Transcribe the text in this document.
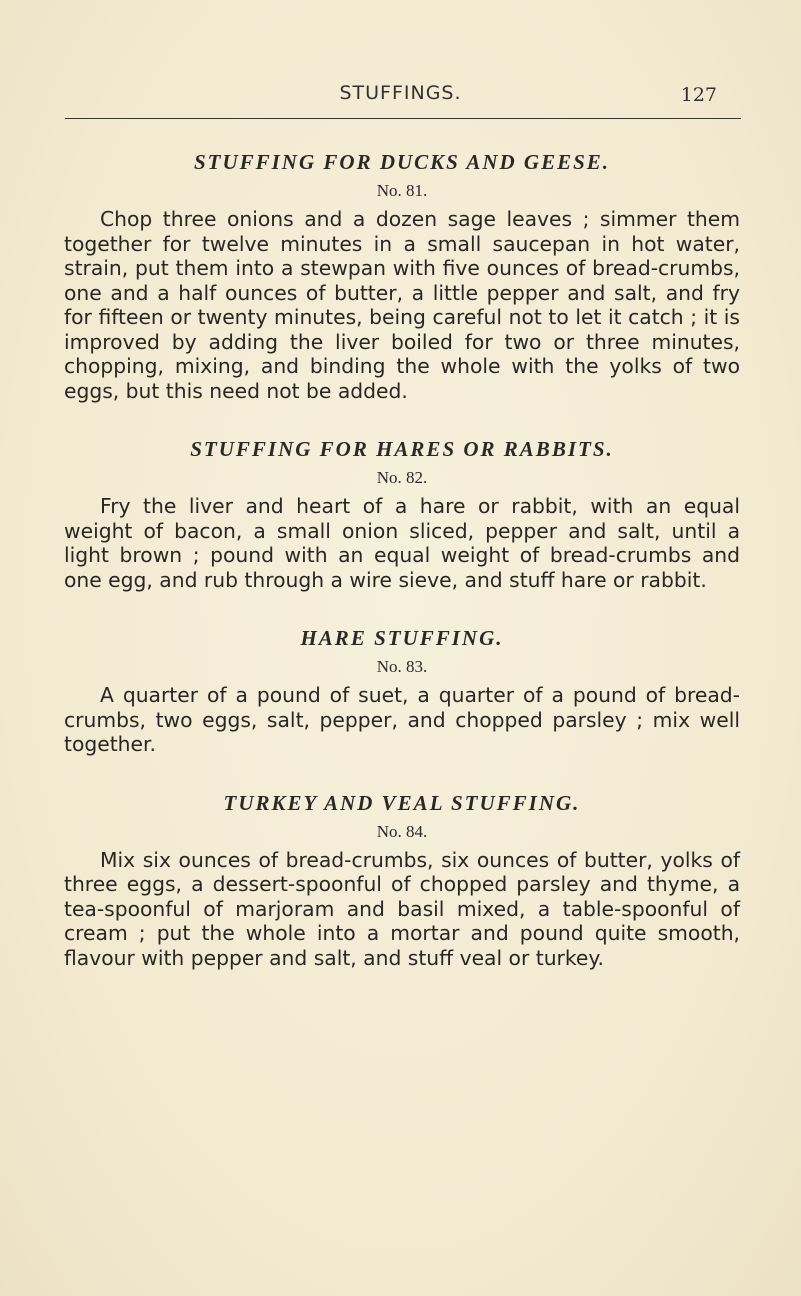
STUFFINGS.	127
STUFFING FOR DUCKS AND GEESE.
No. 81.

Chop three onions and a dozen sage leaves ; simmer them together for twelve minutes in a small saucepan in hot water, strain, put them into a stewpan with five ounces of bread-crumbs, one and a half ounces of butter, a little pepper and salt, and fry for fifteen or twenty minutes, being careful not to let it catch ; it is improved by adding the liver boiled for two or three minutes, chopping, mixing, and binding the whole with the yolks of two eggs, but this need not be added.

STUFFING FOR HARES OR RABBITS.
No. 82.

Fry the liver and heart of a hare or rabbit, with an equal weight of bacon, a small onion sliced, pepper and salt, until a light brown ; pound with an equal weight of bread-crumbs and one egg, and rub through a wire sieve, and stuff hare or rabbit.

HARE STUFFING.
No. 83.

A quarter of a pound of suet, a quarter of a pound of bread-crumbs, two eggs, salt, pepper, and chopped parsley ; mix well together.

TURKEY AND VEAL STUFFING.
No. 84.

Mix six ounces of bread-crumbs, six ounces of butter, yolks of three eggs, a dessert-spoonful of chopped parsley and thyme, a tea-spoonful of marjoram and basil mixed, a table-spoonful of cream ; put the whole into a mortar and pound quite smooth, flavour with pepper and salt, and stuff veal or turkey.
